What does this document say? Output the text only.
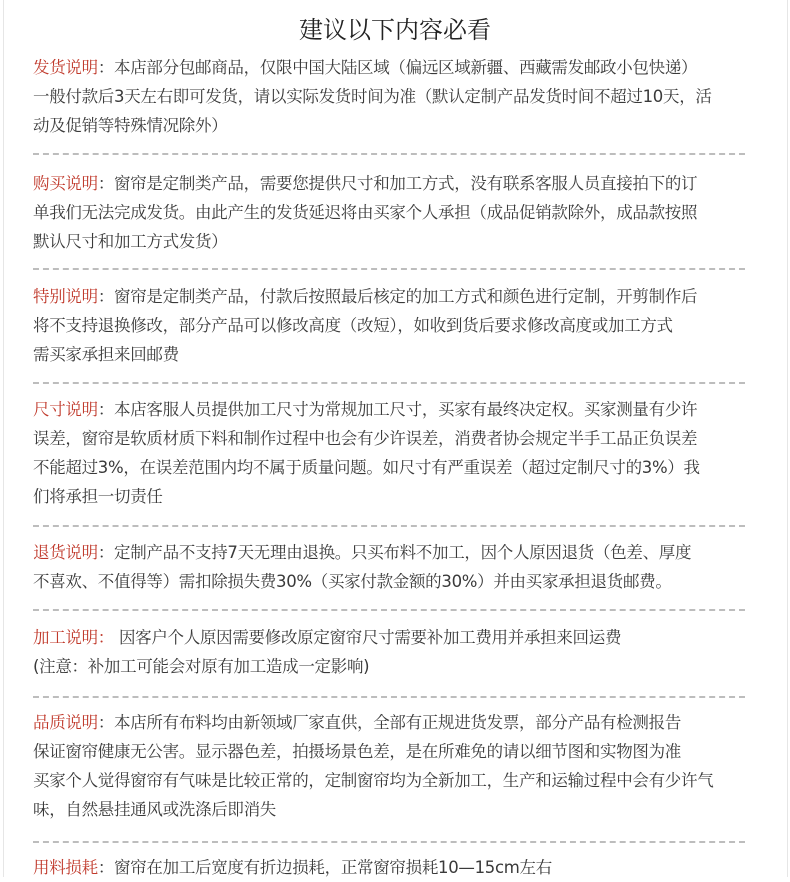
建议以下内容必看
发货说明：本店部分包邮商品，仅限中国大陆区域（偏远区域新疆、西藏需发邮政小包快递）
一般付款后3天左右即可发货，请以实际发货时间为准（默认定制产品发货时间不超过10天，活
动及促销等特殊情况除外）
购买说明：窗帘是定制类产品，需要您提供尺寸和加工方式，没有联系客服人员直接拍下的订
单我们无法完成发货。由此产生的发货延迟将由买家个人承担（成品促销款除外，成品款按照
默认尺寸和加工方式发货）
特别说明：窗帘是定制类产品，付款后按照最后核定的加工方式和颜色进行定制，开剪制作后
将不支持退换修改，部分产品可以修改高度（改短），如收到货后要求修改高度或加工方式
需买家承担来回邮费
尺寸说明：本店客服人员提供加工尺寸为常规加工尺寸，买家有最终决定权。买家测量有少许
误差，窗帘是软质材质下料和制作过程中也会有少许误差，消费者协会规定半手工品正负误差
不能超过3%，在误差范围内均不属于质量问题。如尺寸有严重误差（超过定制尺寸的3%）我
们将承担一切责任
退货说明：定制产品不支持7天无理由退换。只买布料不加工，因个人原因退货（色差、厚度
不喜欢、不值得等）需扣除损失费30%（买家付款金额的30%）并由买家承担退货邮费。
加工说明： 因客户个人原因需要修改原定窗帘尺寸需要补加工费用并承担来回运费
(注意：补加工可能会对原有加工造成一定影响)
品质说明：本店所有布料均由新领域厂家直供，全部有正规进货发票，部分产品有检测报告
保证窗帘健康无公害。显示器色差，拍摄场景色差，是在所难免的请以细节图和实物图为准
买家个人觉得窗帘有气味是比较正常的，定制窗帘均为全新加工，生产和运输过程中会有少许气
味，自然悬挂通风或洗涤后即消失
用料损耗：窗帘在加工后宽度有折边损耗，正常窗帘损耗10—15cm左右
